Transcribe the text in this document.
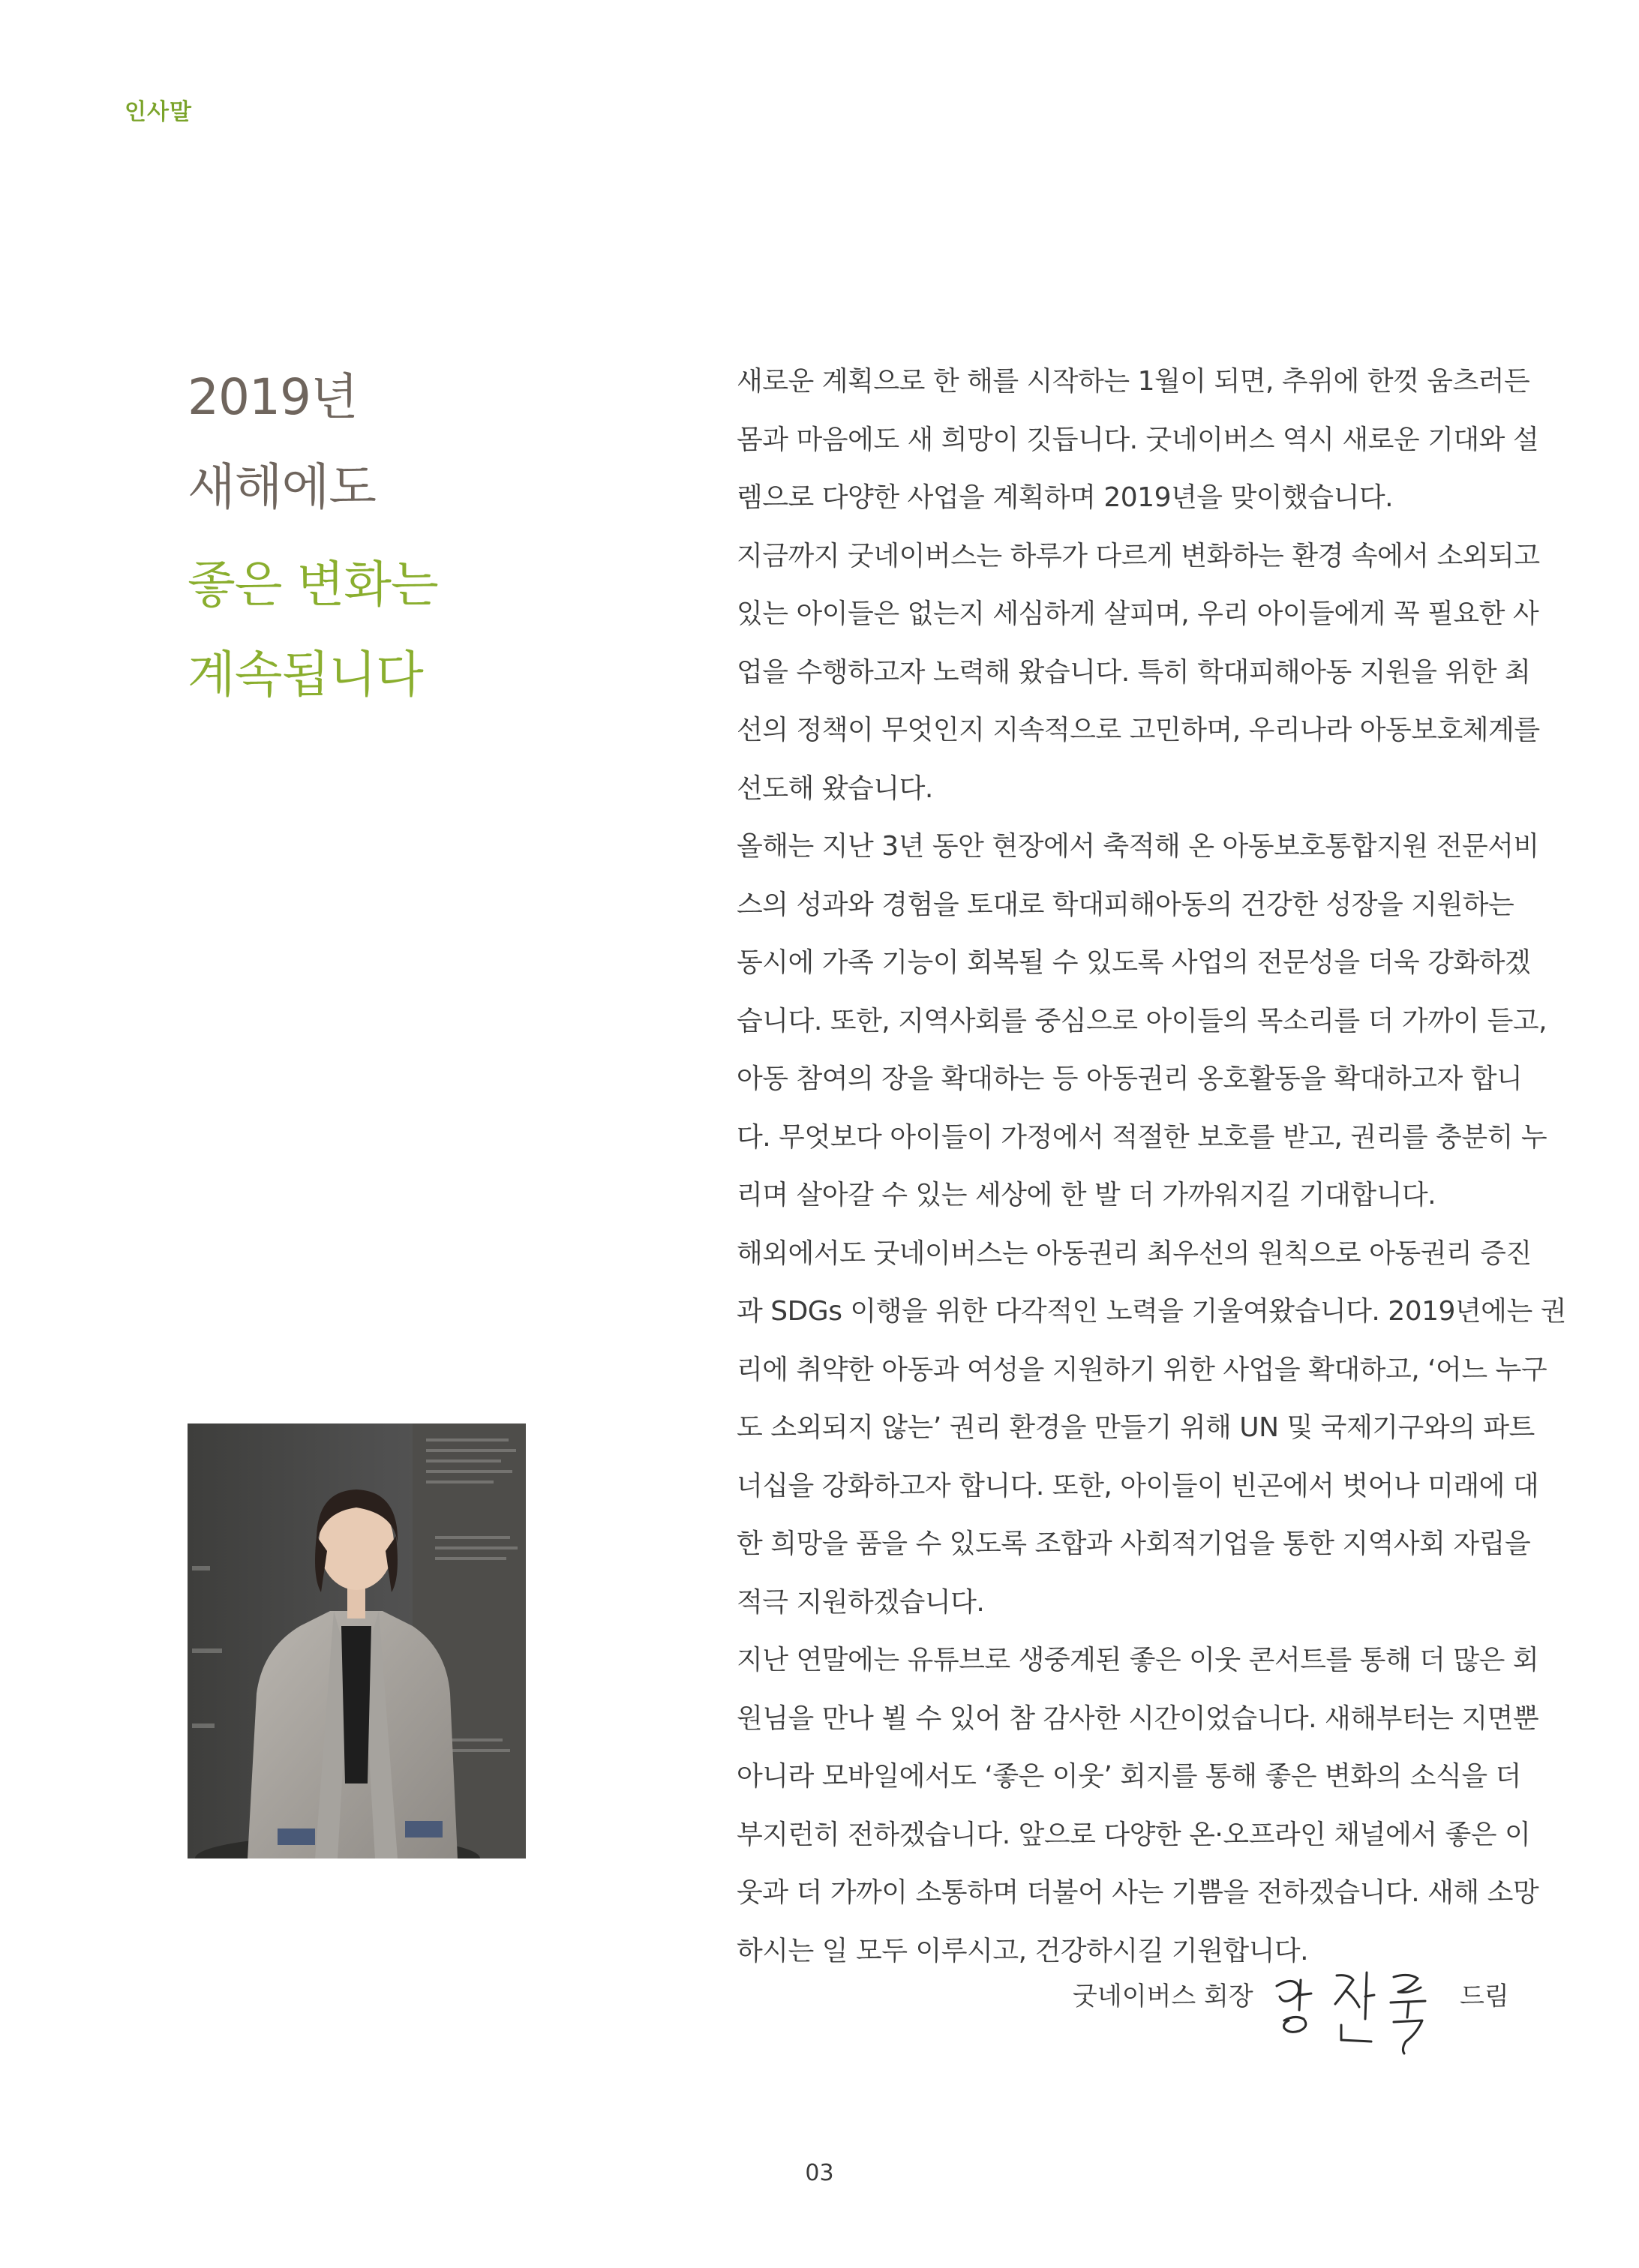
인사말
2019년
새해에도
좋은 변화는
계속됩니다

새로운 계획으로 한 해를 시작하는 1월이 되면, 추위에 한껏 움츠러든

몸과 마음에도 새 희망이 깃듭니다. 굿네이버스 역시 새로운 기대와 설

렘으로 다양한 사업을 계획하며 2019년을 맞이했습니다.

지금까지 굿네이버스는 하루가 다르게 변화하는 환경 속에서 소외되고

있는 아이들은 없는지 세심하게 살피며, 우리 아이들에게 꼭 필요한 사

업을 수행하고자 노력해 왔습니다. 특히 학대피해아동 지원을 위한 최

선의 정책이 무엇인지 지속적으로 고민하며, 우리나라 아동보호체계를

선도해 왔습니다.

올해는 지난 3년 동안 현장에서 축적해 온 아동보호통합지원 전문서비

스의 성과와 경험을 토대로 학대피해아동의 건강한 성장을 지원하는

동시에 가족 기능이 회복될 수 있도록 사업의 전문성을 더욱 강화하겠

습니다. 또한, 지역사회를 중심으로 아이들의 목소리를 더 가까이 듣고,

아동 참여의 장을 확대하는 등 아동권리 옹호활동을 확대하고자 합니

다. 무엇보다 아이들이 가정에서 적절한 보호를 받고, 권리를 충분히 누

리며 살아갈 수 있는 세상에 한 발 더 가까워지길 기대합니다.

해외에서도 굿네이버스는 아동권리 최우선의 원칙으로 아동권리 증진

과 SDGs 이행을 위한 다각적인 노력을 기울여왔습니다. 2019년에는 권

리에 취약한 아동과 여성을 지원하기 위한 사업을 확대하고, ‘어느 누구

도 소외되지 않는’ 권리 환경을 만들기 위해 UN 및 국제기구와의 파트

너십을 강화하고자 합니다. 또한, 아이들이 빈곤에서 벗어나 미래에 대

한 희망을 품을 수 있도록 조합과 사회적기업을 통한 지역사회 자립을

적극 지원하겠습니다.

지난 연말에는 유튜브로 생중계된 좋은 이웃 콘서트를 통해 더 많은 회

원님을 만나 뵐 수 있어 참 감사한 시간이었습니다. 새해부터는 지면뿐

아니라 모바일에서도 ‘좋은 이웃’ 회지를 통해 좋은 변화의 소식을 더

부지런히 전하겠습니다. 앞으로 다양한 온·오프라인 채널에서 좋은 이

웃과 더 가까이 소통하며 더불어 사는 기쁨을 전하겠습니다. 새해 소망

하시는 일 모두 이루시고, 건강하시길 기원합니다.

굿네이버스 회장	드림
03
